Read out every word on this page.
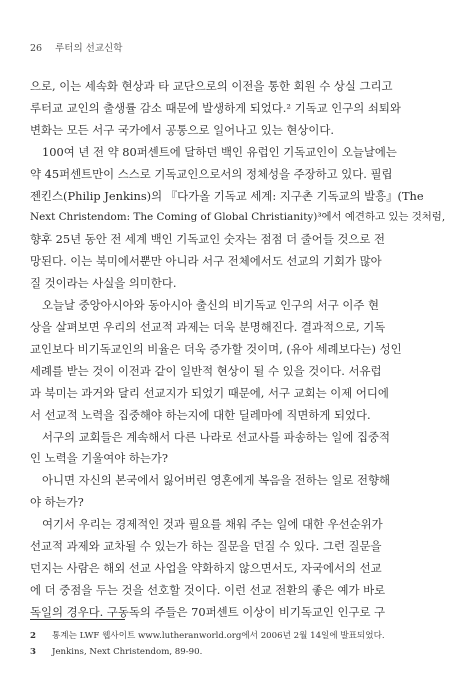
26 루터의 선교신학
으로, 이는 세속화 현상과 타 교단으로의 이전을 통한 회원 수 상실 그리고
루터교 교인의 출생률 감소 때문에 발생하게 되었다.² 기독교 인구의 쇠퇴와
변화는 모든 서구 국가에서 공통으로 일어나고 있는 현상이다.
100여 년 전 약 80퍼센트에 달하던 백인 유럽인 기독교인이 오늘날에는
약 45퍼센트만이 스스로 기독교인으로서의 정체성을 주장하고 있다. 필립
젠킨스(Philip Jenkins)의 『다가올 기독교 세계: 지구촌 기독교의 발흥』(The
Next Christendom: The Coming of Global Christianity)³에서 예견하고 있는 것처럼,
향후 25년 동안 전 세계 백인 기독교인 숫자는 점점 더 줄어들 것으로 전
망된다. 이는 북미에서뿐만 아니라 서구 전체에서도 선교의 기회가 많아
질 것이라는 사실을 의미한다.
오늘날 중앙아시아와 동아시아 출신의 비기독교 인구의 서구 이주 현
상을 살펴보면 우리의 선교적 과제는 더욱 분명해진다. 결과적으로, 기독
교인보다 비기독교인의 비율은 더욱 증가할 것이며, (유아 세례보다는) 성인
세례를 받는 것이 이전과 같이 일반적 현상이 될 수 있을 것이다. 서유럽
과 북미는 과거와 달리 선교지가 되었기 때문에, 서구 교회는 이제 어디에
서 선교적 노력을 집중해야 하는지에 대한 딜레마에 직면하게 되었다.
서구의 교회들은 계속해서 다른 나라로 선교사를 파송하는 일에 집중적
인 노력을 기울여야 하는가?
아니면 자신의 본국에서 잃어버린 영혼에게 복음을 전하는 일로 전향해
야 하는가?
여기서 우리는 경제적인 것과 필요를 채워 주는 일에 대한 우선순위가
선교적 과제와 교차될 수 있는가 하는 질문을 던질 수 있다. 그런 질문을
던지는 사람은 해외 선교 사업을 약화하지 않으면서도, 자국에서의 선교
에 더 중점을 두는 것을 선호할 것이다. 이런 선교 전환의 좋은 예가 바로
독일의 경우다. 구동독의 주들은 70퍼센트 이상이 비기독교인 인구로 구
2 통계는 LWF 웹사이트 www.lutheranworld.org에서 2006년 2월 14일에 발표되었다.
3 Jenkins, Next Christendom, 89-90.
